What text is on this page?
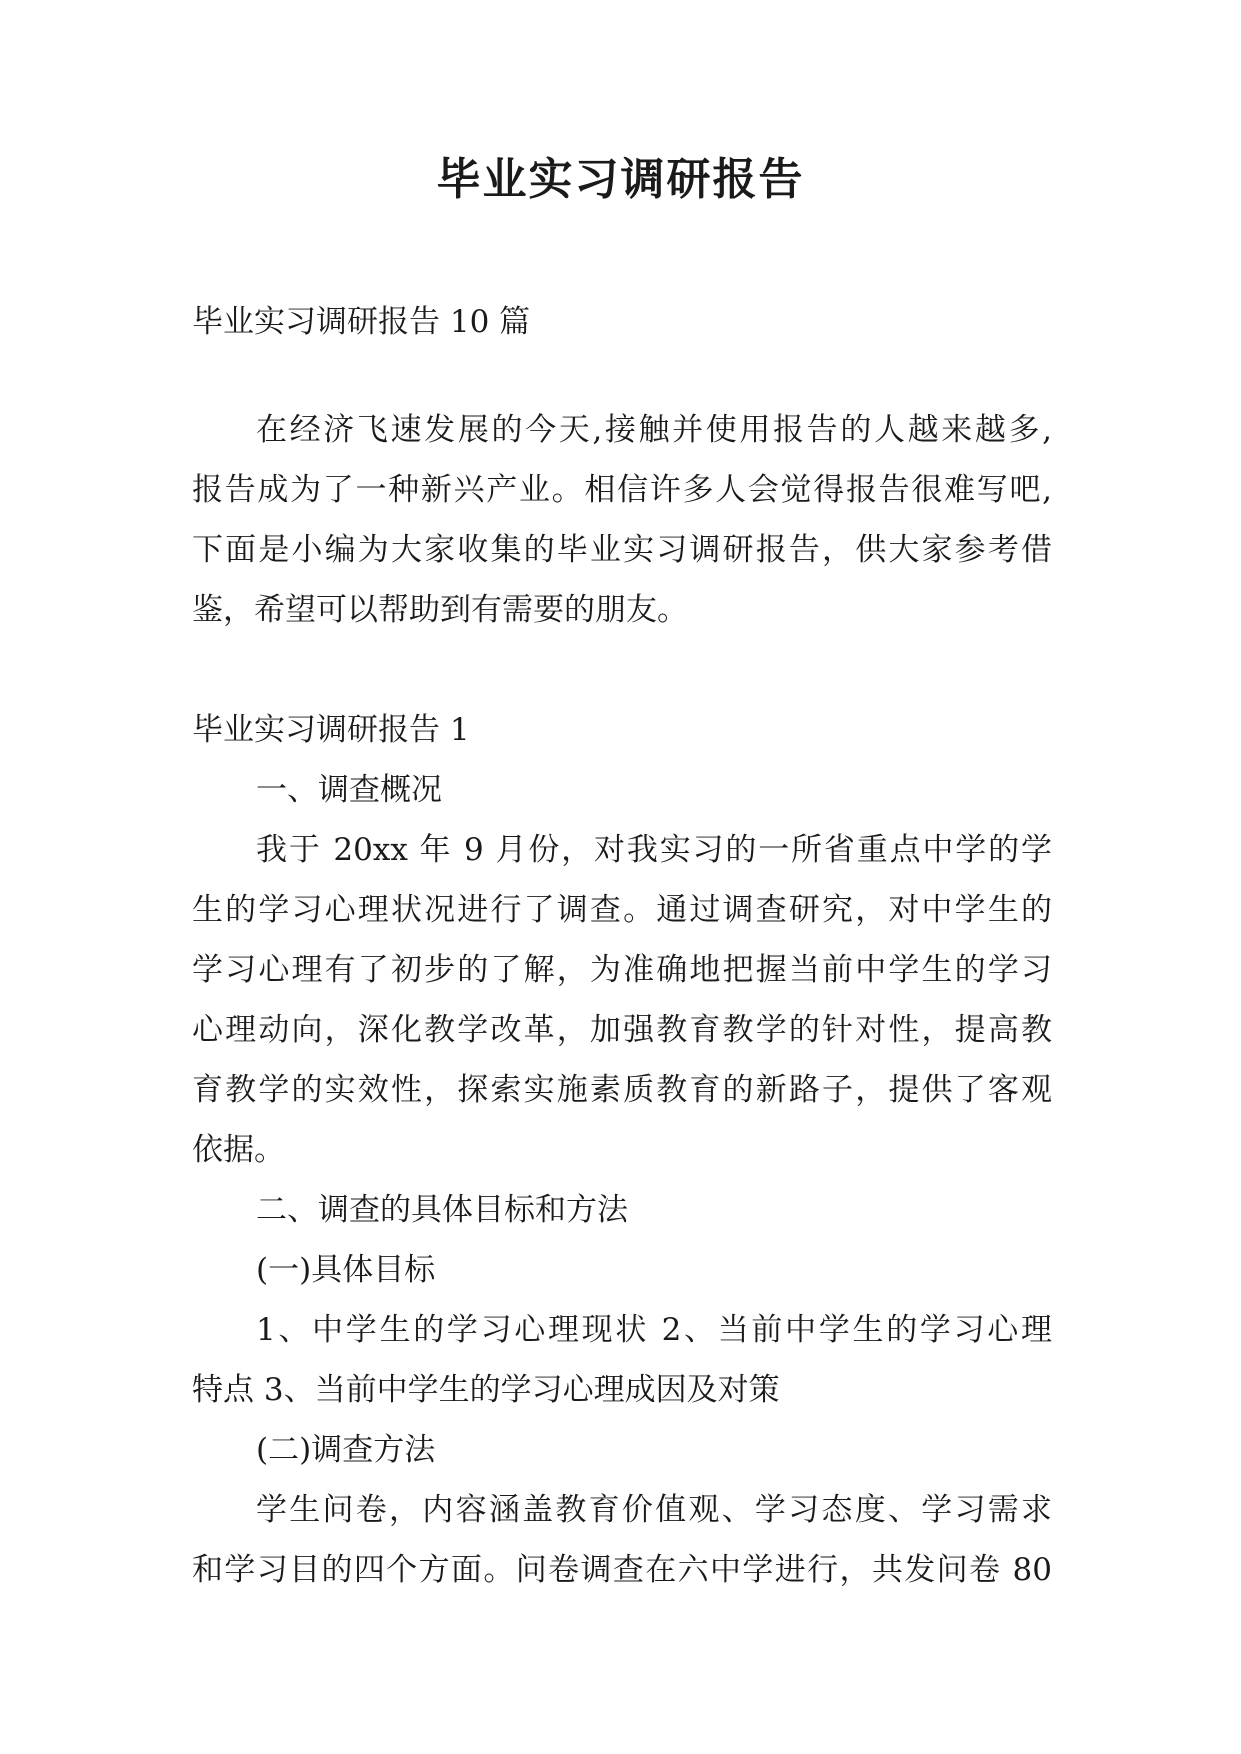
毕业实习调研报告

毕业实习调研报告 10 篇

在经济飞速发展的今天,接触并使用报告的人越来越多,

报告成为了一种新兴产业。相信许多人会觉得报告很难写吧,

下面是小编为大家收集的毕业实习调研报告，供大家参考借

鉴，希望可以帮助到有需要的朋友。

毕业实习调研报告 1

一、调查概况

我于 20xx 年 9 月份，对我实习的一所省重点中学的学

生的学习心理状况进行了调查。通过调查研究，对中学生的

学习心理有了初步的了解，为准确地把握当前中学生的学习

心理动向，深化教学改革，加强教育教学的针对性，提高教

育教学的实效性，探索实施素质教育的新路子，提供了客观

依据。

二、调查的具体目标和方法

(一)具体目标

1、中学生的学习心理现状 2、当前中学生的学习心理

特点 3、当前中学生的学习心理成因及对策

(二)调查方法

学生问卷，内容涵盖教育价值观、学习态度、学习需求

和学习目的四个方面。问卷调查在六中学进行，共发问卷 80
